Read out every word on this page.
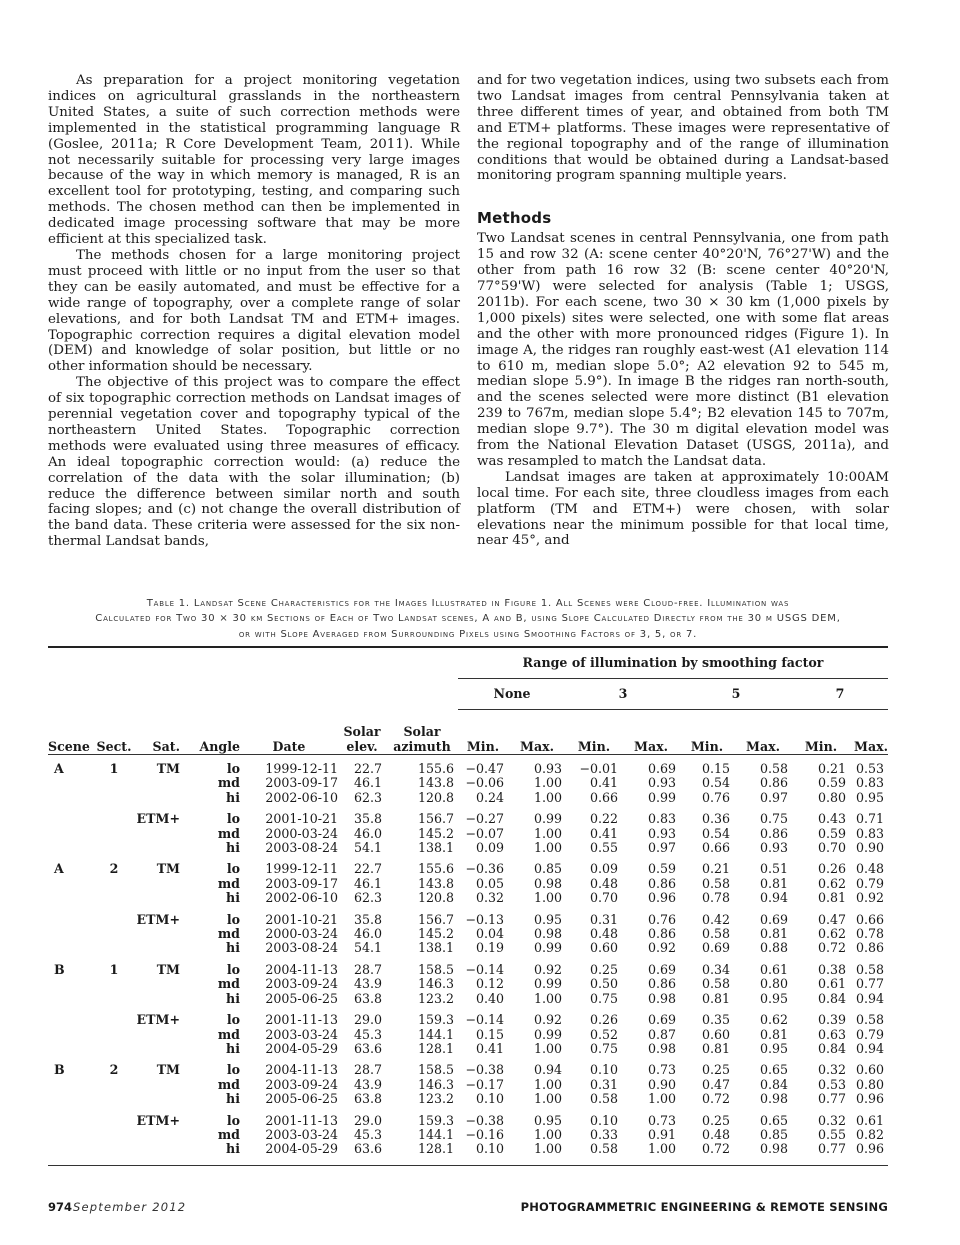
As preparation for a project monitoring vegetation indices on agricultural grasslands in the northeastern United States, a suite of such correction methods were implemented in the statistical programming language R (Goslee, 2011a; R Core Development Team, 2011). While not necessarily suitable for processing very large images because of the way in which memory is managed, R is an excellent tool for prototyping, testing, and comparing such methods. The chosen method can then be implemented in dedicated image processing software that may be more efficient at this specialized task.

The methods chosen for a large monitoring project must proceed with little or no input from the user so that they can be easily automated, and must be effective for a wide range of topography, over a complete range of solar elevations, and for both Landsat TM and ETM+ images. Topographic correction requires a digital elevation model (DEM) and knowledge of solar position, but little or no other information should be necessary.

The objective of this project was to compare the effect of six topographic correction methods on Landsat images of perennial vegetation cover and topography typical of the northeastern United States. Topographic correction methods were evaluated using three measures of efficacy. An ideal topographic correction would: (a) reduce the correlation of the data with the solar illumination; (b) reduce the difference between similar north and south facing slopes; and (c) not change the overall distribution of the band data. These criteria were assessed for the six non-thermal Landsat bands,

and for two vegetation indices, using two subsets each from two Landsat images from central Pennsylvania taken at three different times of year, and obtained from both TM and ETM+ platforms. These images were representative of the regional topography and of the range of illumination conditions that would be obtained during a Landsat-based monitoring program spanning multiple years.

Methods

Two Landsat scenes in central Pennsylvania, one from path 15 and row 32 (A: scene center 40°20'N, 76°27'W) and the other from path 16 row 32 (B: scene center 40°20'N, 77°59'W) were selected for analysis (Table 1; USGS, 2011b). For each scene, two 30 × 30 km (1,000 pixels by 1,000 pixels) sites were selected, one with some flat areas and the other with more pronounced ridges (Figure 1). In image A, the ridges ran roughly east-west (A1 elevation 114 to 610 m, median slope 5.0°; A2 elevation 92 to 545 m, median slope 5.9°). In image B the ridges ran north-south, and the scenes selected were more distinct (B1 elevation 239 to 767m, median slope 5.4°; B2 elevation 145 to 707m, median slope 9.7°). The 30 m digital elevation model was from the National Elevation Dataset (USGS, 2011a), and was resampled to match the Landsat data.

Landsat images are taken at approximately 10:00AM local time. For each site, three cloudless images from each platform (TM and ETM+) were chosen, with solar elevations near the minimum possible for that local time, near 45°, and

Table 1. Landsat Scene Characteristics for the Images Illustrated in Figure 1. All Scenes were Cloud-free. Illumination was
Calculated for Two 30 × 30 km Sections of Each of Two Landsat scenes, A and B, using Slope Calculated Directly from the 30 m USGS DEM,
or with Slope Averaged from Surrounding Pixels using Smoothing Factors of 3, 5, or 7.

							Range of illumination by smoothing factor							
							None		3		5		7	
Scene	Sect.	Sat.	Angle	Date	Solar elev.	Solar azimuth	Min.	Max.	Min.	Max.	Min.	Max.	Min.	Max.

A	1	TM	lo	1999-12-11	22.7	155.6	−0.47	0.93	−0.01	0.69	0.15	0.58	0.21	0.53
			md	2003-09-17	46.1	143.8	−0.06	1.00	0.41	0.93	0.54	0.86	0.59	0.83
			hi	2002-06-10	62.3	120.8	0.24	1.00	0.66	0.99	0.76	0.97	0.80	0.95

		ETM+	lo	2001-10-21	35.8	156.7	−0.27	0.99	0.22	0.83	0.36	0.75	0.43	0.71
			md	2000-03-24	46.0	145.2	−0.07	1.00	0.41	0.93	0.54	0.86	0.59	0.83
			hi	2003-08-24	54.1	138.1	0.09	1.00	0.55	0.97	0.66	0.93	0.70	0.90

A	2	TM	lo	1999-12-11	22.7	155.6	−0.36	0.85	0.09	0.59	0.21	0.51	0.26	0.48
			md	2003-09-17	46.1	143.8	0.05	0.98	0.48	0.86	0.58	0.81	0.62	0.79
			hi	2002-06-10	62.3	120.8	0.32	1.00	0.70	0.96	0.78	0.94	0.81	0.92

		ETM+	lo	2001-10-21	35.8	156.7	−0.13	0.95	0.31	0.76	0.42	0.69	0.47	0.66
			md	2000-03-24	46.0	145.2	0.04	0.98	0.48	0.86	0.58	0.81	0.62	0.78
			hi	2003-08-24	54.1	138.1	0.19	0.99	0.60	0.92	0.69	0.88	0.72	0.86

B	1	TM	lo	2004-11-13	28.7	158.5	−0.14	0.92	0.25	0.69	0.34	0.61	0.38	0.58
			md	2003-09-24	43.9	146.3	0.12	0.99	0.50	0.86	0.58	0.80	0.61	0.77
			hi	2005-06-25	63.8	123.2	0.40	1.00	0.75	0.98	0.81	0.95	0.84	0.94

		ETM+	lo	2001-11-13	29.0	159.3	−0.14	0.92	0.26	0.69	0.35	0.62	0.39	0.58
			md	2003-03-24	45.3	144.1	0.15	0.99	0.52	0.87	0.60	0.81	0.63	0.79
			hi	2004-05-29	63.6	128.1	0.41	1.00	0.75	0.98	0.81	0.95	0.84	0.94

B	2	TM	lo	2004-11-13	28.7	158.5	−0.38	0.94	0.10	0.73	0.25	0.65	0.32	0.60
			md	2003-09-24	43.9	146.3	−0.17	1.00	0.31	0.90	0.47	0.84	0.53	0.80
			hi	2005-06-25	63.8	123.2	0.10	1.00	0.58	1.00	0.72	0.98	0.77	0.96

		ETM+	lo	2001-11-13	29.0	159.3	−0.38	0.95	0.10	0.73	0.25	0.65	0.32	0.61
			md	2003-03-24	45.3	144.1	−0.16	1.00	0.33	0.91	0.48	0.85	0.55	0.82
			hi	2004-05-29	63.6	128.1	0.10	1.00	0.58	1.00	0.72	0.98	0.77	0.96

974 September 2012	PHOTOGRAMMETRIC ENGINEERING & REMOTE SENSING
